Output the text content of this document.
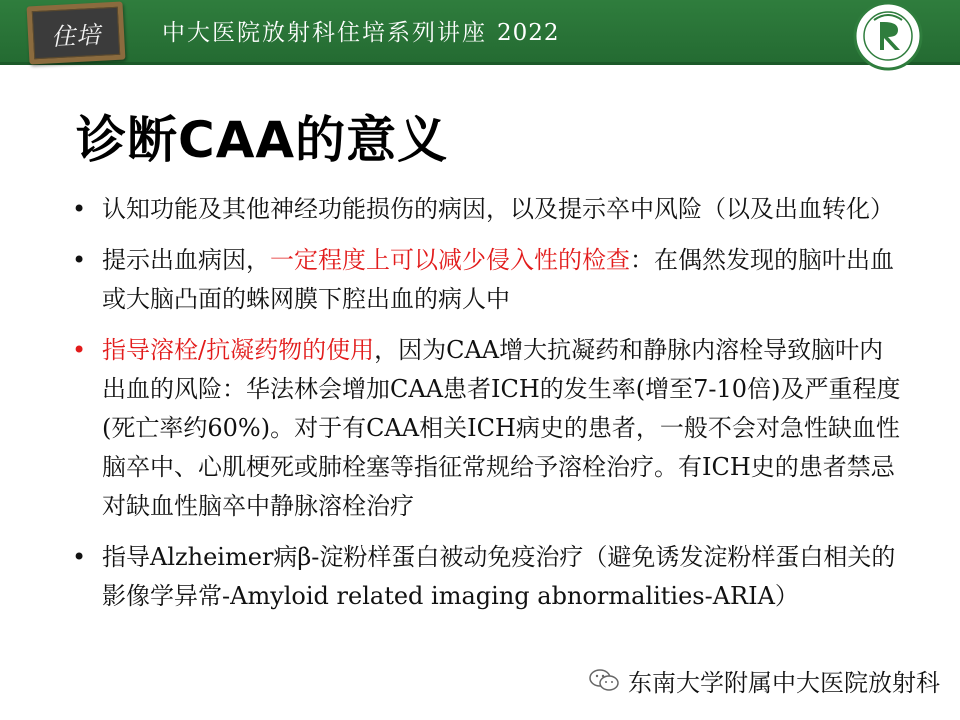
住培	中大医院放射科住培系列讲座 2022
诊断CAA的意义
• 认知功能及其他神经功能损伤的病因，以及提示卒中风险（以及出血转化）
• 提示出血病因，一定程度上可以减少侵入性的检查：在偶然发现的脑叶出血或大脑凸面的蛛网膜下腔出血的病人中
• 指导溶栓/抗凝药物的使用，因为CAA增大抗凝药和静脉内溶栓导致脑叶内出血的风险：华法林会增加CAA患者ICH的发生率(增至7-10倍)及严重程度(死亡率约60%)。对于有CAA相关ICH病史的患者，一般不会对急性缺血性脑卒中、心肌梗死或肺栓塞等指征常规给予溶栓治疗。有ICH史的患者禁忌对缺血性脑卒中静脉溶栓治疗
• 指导Alzheimer病β-淀粉样蛋白被动免疫治疗（避免诱发淀粉样蛋白相关的影像学异常-Amyloid related imaging abnormalities-ARIA）
东南大学附属中大医院放射科
